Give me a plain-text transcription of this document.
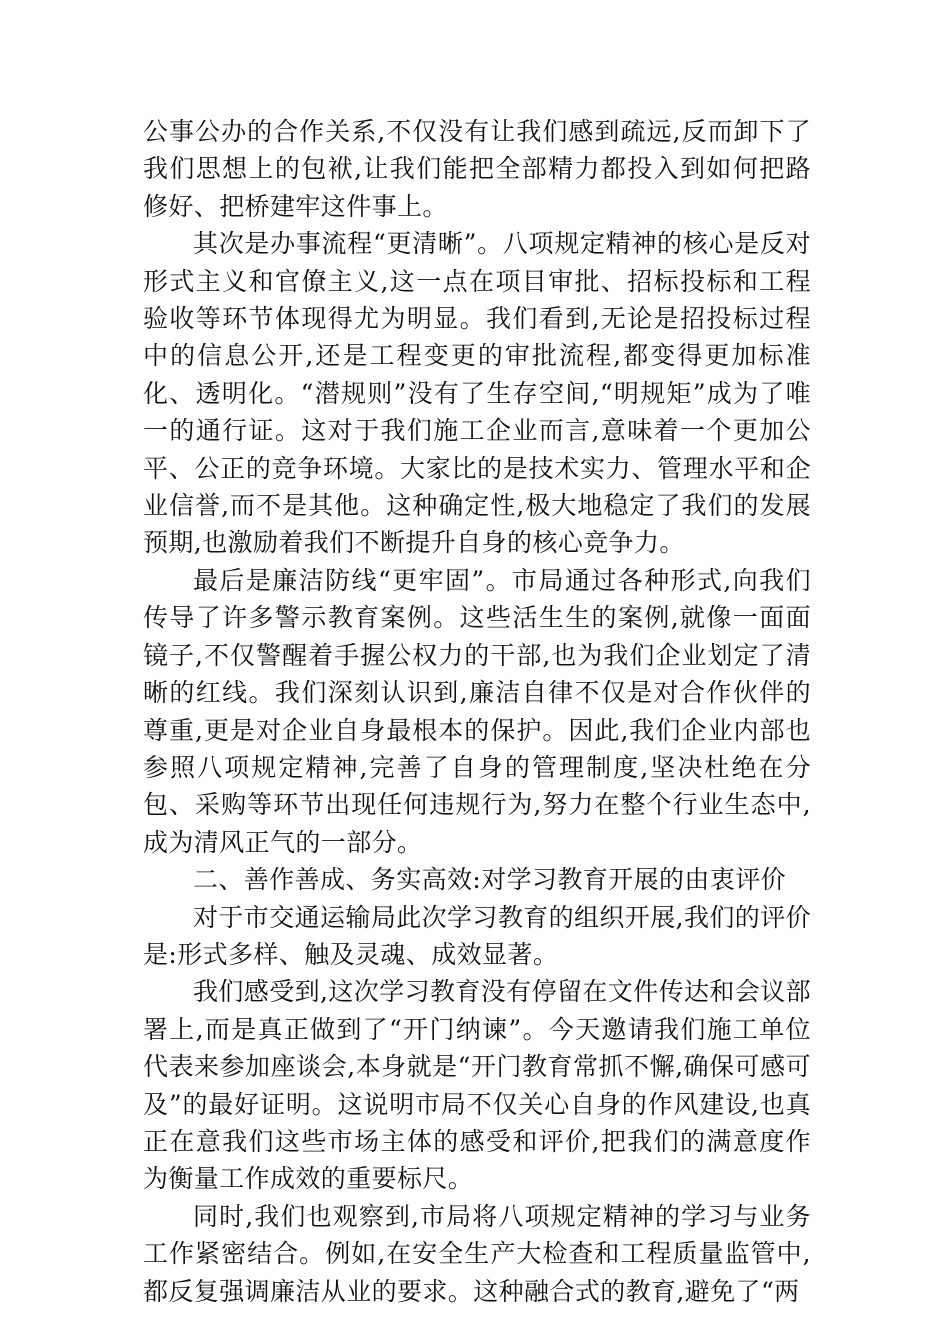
公事公办的合作关系,不仅没有让我们感到疏远,反而卸下了我们思想上的包袱,让我们能把全部精力都投入到如何把路修好、把桥建牢这件事上。

其次是办事流程“更清晰”。八项规定精神的核心是反对形式主义和官僚主义,这一点在项目审批、招标投标和工程验收等环节体现得尤为明显。我们看到,无论是招投标过程中的信息公开,还是工程变更的审批流程,都变得更加标准化、透明化。“潜规则”没有了生存空间,“明规矩”成为了唯一的通行证。这对于我们施工企业而言,意味着一个更加公平、公正的竞争环境。大家比的是技术实力、管理水平和企业信誉,而不是其他。这种确定性,极大地稳定了我们的发展预期,也激励着我们不断提升自身的核心竞争力。

最后是廉洁防线“更牢固”。市局通过各种形式,向我们传导了许多警示教育案例。这些活生生的案例,就像一面面镜子,不仅警醒着手握公权力的干部,也为我们企业划定了清晰的红线。我们深刻认识到,廉洁自律不仅是对合作伙伴的尊重,更是对企业自身最根本的保护。因此,我们企业内部也参照八项规定精神,完善了自身的管理制度,坚决杜绝在分包、采购等环节出现任何违规行为,努力在整个行业生态中,成为清风正气的一部分。

二、善作善成、务实高效:对学习教育开展的由衷评价

对于市交通运输局此次学习教育的组织开展,我们的评价是:形式多样、触及灵魂、成效显著。

我们感受到,这次学习教育没有停留在文件传达和会议部署上,而是真正做到了“开门纳谏”。今天邀请我们施工单位代表来参加座谈会,本身就是“开门教育常抓不懈,确保可感可及”的最好证明。这说明市局不仅关心自身的作风建设,也真正在意我们这些市场主体的感受和评价,把我们的满意度作为衡量工作成效的重要标尺。

同时,我们也观察到,市局将八项规定精神的学习与业务工作紧密结合。例如,在安全生产大检查和工程质量监管中,都反复强调廉洁从业的要求。这种融合式的教育,避免了“两
